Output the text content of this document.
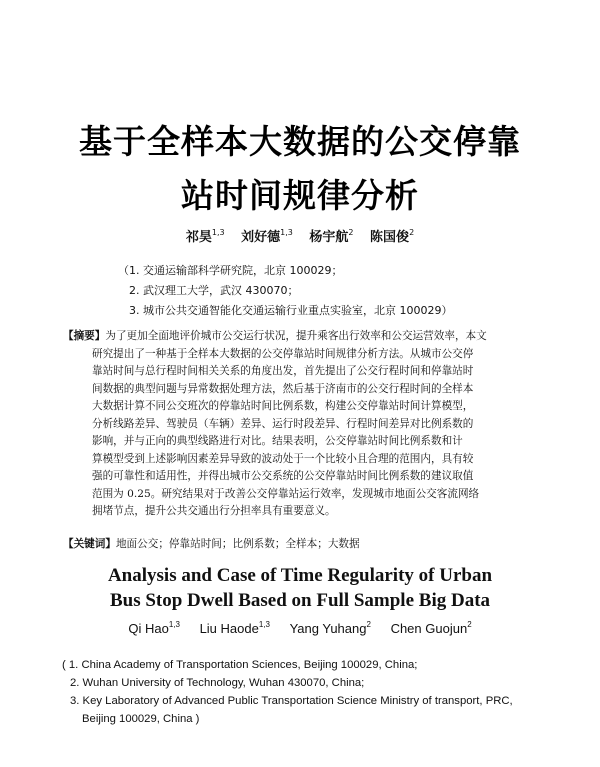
基于全样本大数据的公交停靠
站时间规律分析
祁昊$^{1,3}$ 刘好德$^{1,3}$ 杨宇航$^2$ 陈国俊$^2$
（1. 交通运输部科学研究院，北京 100029；
2. 武汉理工大学，武汉 430070；
3. 城市公共交通智能化交通运输行业重点实验室，北京 100029）
【摘要】为了更加全面地评价城市公交运行状况，提升乘客出行效率和公交运营效率，本文
研究提出了一种基于全样本大数据的公交停靠站时间规律分析方法。从城市公交停
靠站时间与总行程时间相关关系的角度出发，首先提出了公交行程时间和停靠站时
间数据的典型问题与异常数据处理方法，然后基于济南市的公交行程时间的全样本
大数据计算不同公交班次的停靠站时间比例系数，构建公交停靠站时间计算模型，
分析线路差异、驾驶员（车辆）差异、运行时段差异、行程时间差异对比例系数的
影响，并与正向的典型线路进行对比。结果表明，公交停靠站时间比例系数和计
算模型受到上述影响因素差异导致的波动处于一个比较小且合理的范围内，具有较
强的可靠性和适用性，并得出城市公交系统的公交停靠站时间比例系数的建议取值
范围为 0.25。研究结果对于改善公交停靠站运行效率，发现城市地面公交客流网络
拥堵节点，提升公共交通出行分担率具有重要意义。
【关键词】地面公交；停靠站时间；比例系数；全样本；大数据
Analysis and Case of Time Regularity of Urban
Bus Stop Dwell Based on Full Sample Big Data
Qi Hao$^{1,3}$ Liu Haode$^{1,3}$ Yang Yuhang$^2$ Chen Guojun$^2$
( 1. China Academy of Transportation Sciences, Beijing 100029, China;
2. Wuhan University of Technology, Wuhan 430070, China;
3. Key Laboratory of Advanced Public Transportation Science Ministry of transport, PRC,
Beijing 100029, China )
